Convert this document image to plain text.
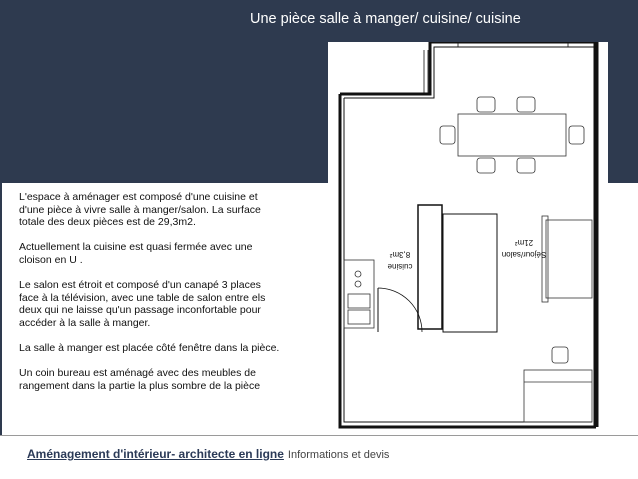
Une pièce salle à manger/ cuisine/ cuisine
cuisine
8,3m²	Séjour/salon
21m²

L'espace à aménager est composé d'une cuisine et
d'une pièce à vivre salle à manger/salon. La surface
totale des deux pièces est de 29,3m2.

Actuellement la cuisine est quasi fermée avec une
cloison en U .

Le salon est étroit et composé d'un canapé 3 places
face à la télévision, avec une table de salon entre els
deux qui ne laisse qu'un passage inconfortable pour
accéder à la salle à manger.

La salle à manger est placée côté fenêtre dans la pièce.

Un coin bureau est aménagé avec des meubles de
rangement dans la partie la plus sombre de la pièce

Aménagement d'intérieur- architecte en ligne Informations et devis
